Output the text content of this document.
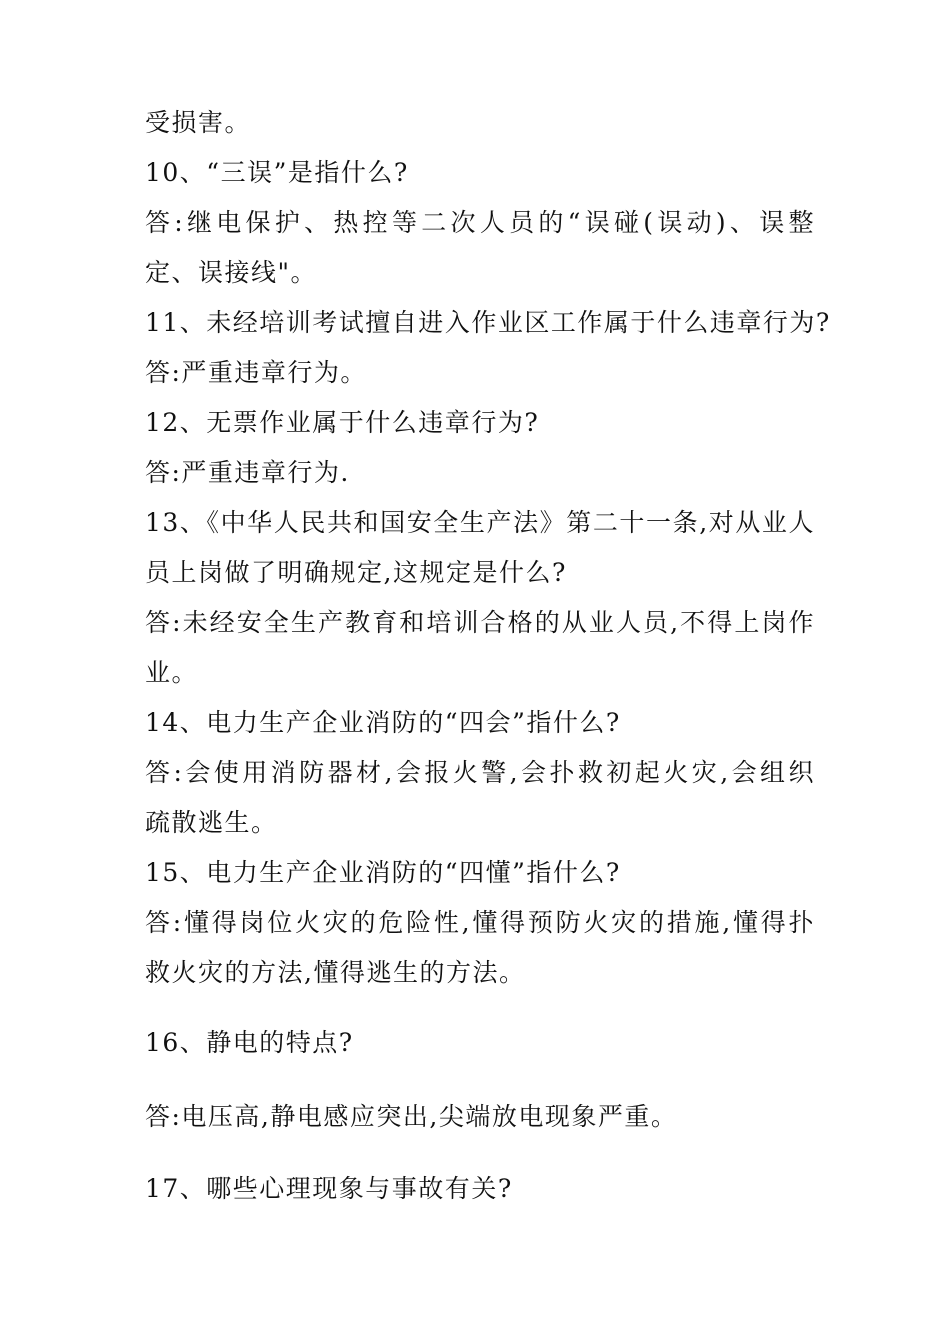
受损害。
10、“三误”是指什么?
答:继电保护、热控等二次人员的“误碰(误动)、误整
定、误接线"。
11、未经培训考试擅自进入作业区工作属于什么违章行为?
答:严重违章行为。
12、无票作业属于什么违章行为?
答:严重违章行为.
13、《中华人民共和国安全生产法》第二十一条,对从业人
员上岗做了明确规定,这规定是什么?
答:未经安全生产教育和培训合格的从业人员,不得上岗作
业。
14、电力生产企业消防的“四会”指什么?
答:会使用消防器材,会报火警,会扑救初起火灾,会组织
疏散逃生。
15、电力生产企业消防的“四懂”指什么?
答:懂得岗位火灾的危险性,懂得预防火灾的措施,懂得扑
救火灾的方法,懂得逃生的方法。
16、静电的特点?
答:电压高,静电感应突出,尖端放电现象严重。
17、哪些心理现象与事故有关?
